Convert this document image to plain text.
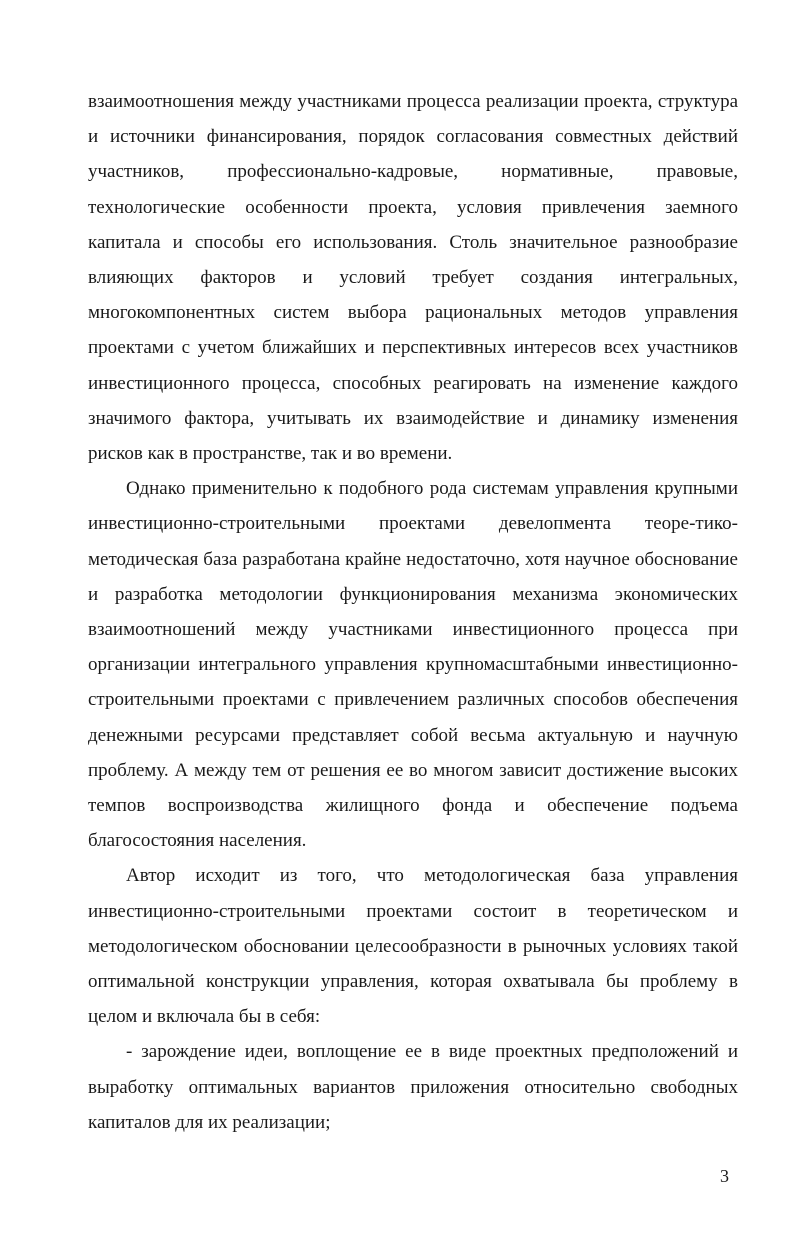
взаимоотношения между участниками процесса реализации проекта, структура и источники финансирования, порядок согласования совместных действий участников, профессионально-кадровые, нормативные, правовые, технологические особенности проекта, условия привлечения заемного капитала и способы его использования. Столь значительное разнообразие влияющих факторов и условий требует создания интегральных, многокомпонентных систем выбора рациональных методов управления проектами с учетом ближайших и перспективных интересов всех участников инвестиционного процесса, способных реагировать на изменение каждого значимого фактора, учитывать их взаимодействие и динамику изменения рисков как в пространстве, так и во времени.

Однако применительно к подобного рода системам управления крупными инвестиционно-строительными проектами девелопмента теоре-тико-методическая база разработана крайне недостаточно, хотя научное обоснование и разработка методологии функционирования механизма экономических взаимоотношений между участниками инвестиционного процесса при организации интегрального управления крупномасштабными инвестиционно-строительными проектами с привлечением различных способов обеспечения денежными ресурсами представляет собой весьма актуальную и научную проблему. А между тем от решения ее во многом зависит достижение высоких темпов воспроизводства жилищного фонда и обеспечение подъема благосостояния населения.

Автор исходит из того, что методологическая база управления инвестиционно-строительными проектами состоит в теоретическом и методологическом обосновании целесообразности в рыночных условиях такой оптимальной конструкции управления, которая охватывала бы проблему в целом и включала бы в себя:

- зарождение идеи, воплощение ее в виде проектных предположений и выработку оптимальных вариантов приложения относительно свободных капиталов для их реализации;

3
